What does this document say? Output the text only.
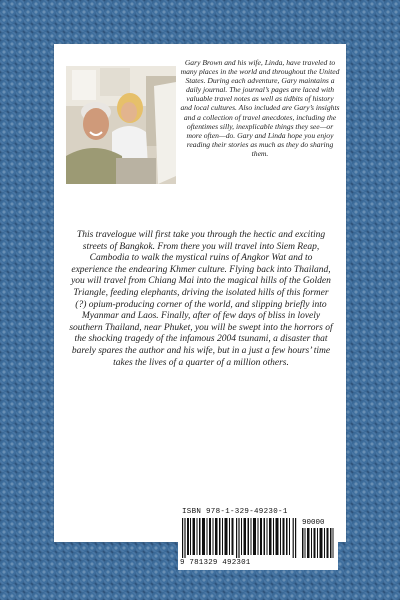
Gary Brown and his wife, Linda, have traveled to many places in the world and throughout the United States. During each adventure, Gary maintains a daily journal. The journal’s pages are laced with valuable travel notes as well as tidbits of history and local cultures. Also included are Gary’s insights and a collection of travel anecdotes, including the oftentimes silly, inexplicable things they see—or more often—do. Gary and Linda hope you enjoy reading their stories as much as they do sharing them.
This travelogue will first take you through the hectic and exciting streets of Bangkok. From there you will travel into Siem Reap, Cambodia to walk the mystical ruins of Angkor Wat and to experience the endearing Khmer culture. Flying back into Thailand, you will travel from Chiang Mai into the magical hills of the Golden Triangle, feeding elephants, driving the isolated hills of this former (?) opium-producing corner of the world, and slipping briefly into Myanmar and Laos. Finally, after of few days of bliss in lovely southern Thailand, near Phuket, you will be swept into the horrors of the shocking tragedy of the infamous 2004 tsunami, a disaster that barely spares the author and his wife, but in a just a few hours’ time takes the lives of a quarter of a million others.
ISBN 978-1-329-49230-1
90000
9 781329 492301
